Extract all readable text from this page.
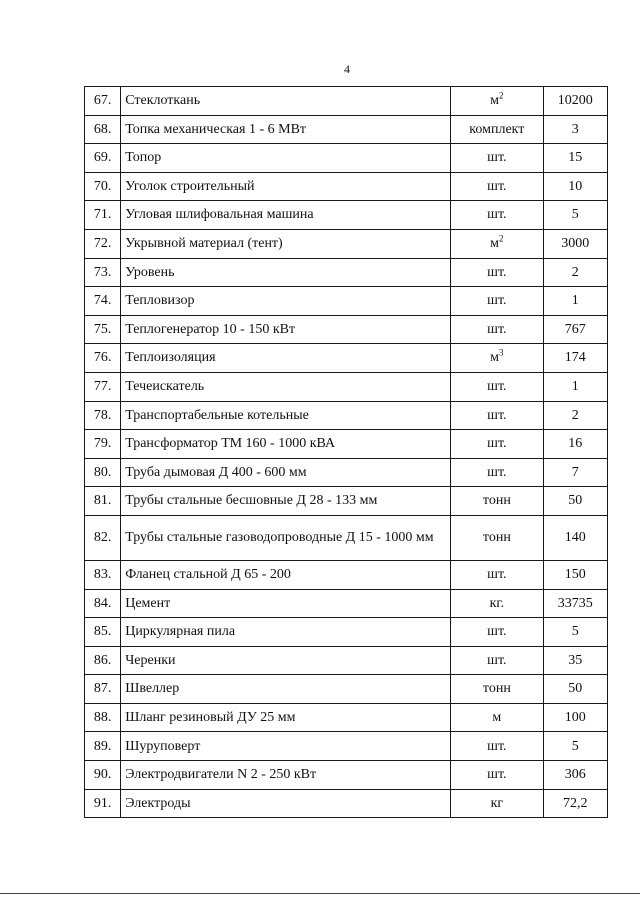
4
67.	Стеклоткань	$м^2$	10200
68.	Топка механическая 1 - 6 МВт	комплект	3
69.	Топор	шт.	15
70.	Уголок строительный	шт.	10
71.	Угловая шлифовальная машина	шт.	5
72.	Укрывной материал (тент)	$м^2$	3000
73.	Уровень	шт.	2
74.	Тепловизор	шт.	1
75.	Теплогенератор 10 - 150 кВт	шт.	767
76.	Теплоизоляция	$м^3$	174
77.	Течеискатель	шт.	1
78.	Транспортабельные котельные	шт.	2
79.	Трансформатор ТМ 160 - 1000 кВА	шт.	16
80.	Труба дымовая Д 400 - 600 мм	шт.	7
81.	Трубы стальные бесшовные Д 28 - 133 мм	тонн	50
82.	Трубы стальные газоводопроводные Д 15 - 1000 мм	тонн	140
83.	Фланец стальной Д 65 - 200	шт.	150
84.	Цемент	кг.	33735
85.	Циркулярная пила	шт.	5
86.	Черенки	шт.	35
87.	Швеллер	тонн	50
88.	Шланг резиновый ДУ 25 мм	м	100
89.	Шуруповерт	шт.	5
90.	Электродвигатели N 2 - 250 кВт	шт.	306
91.	Электроды	кг	72,2
